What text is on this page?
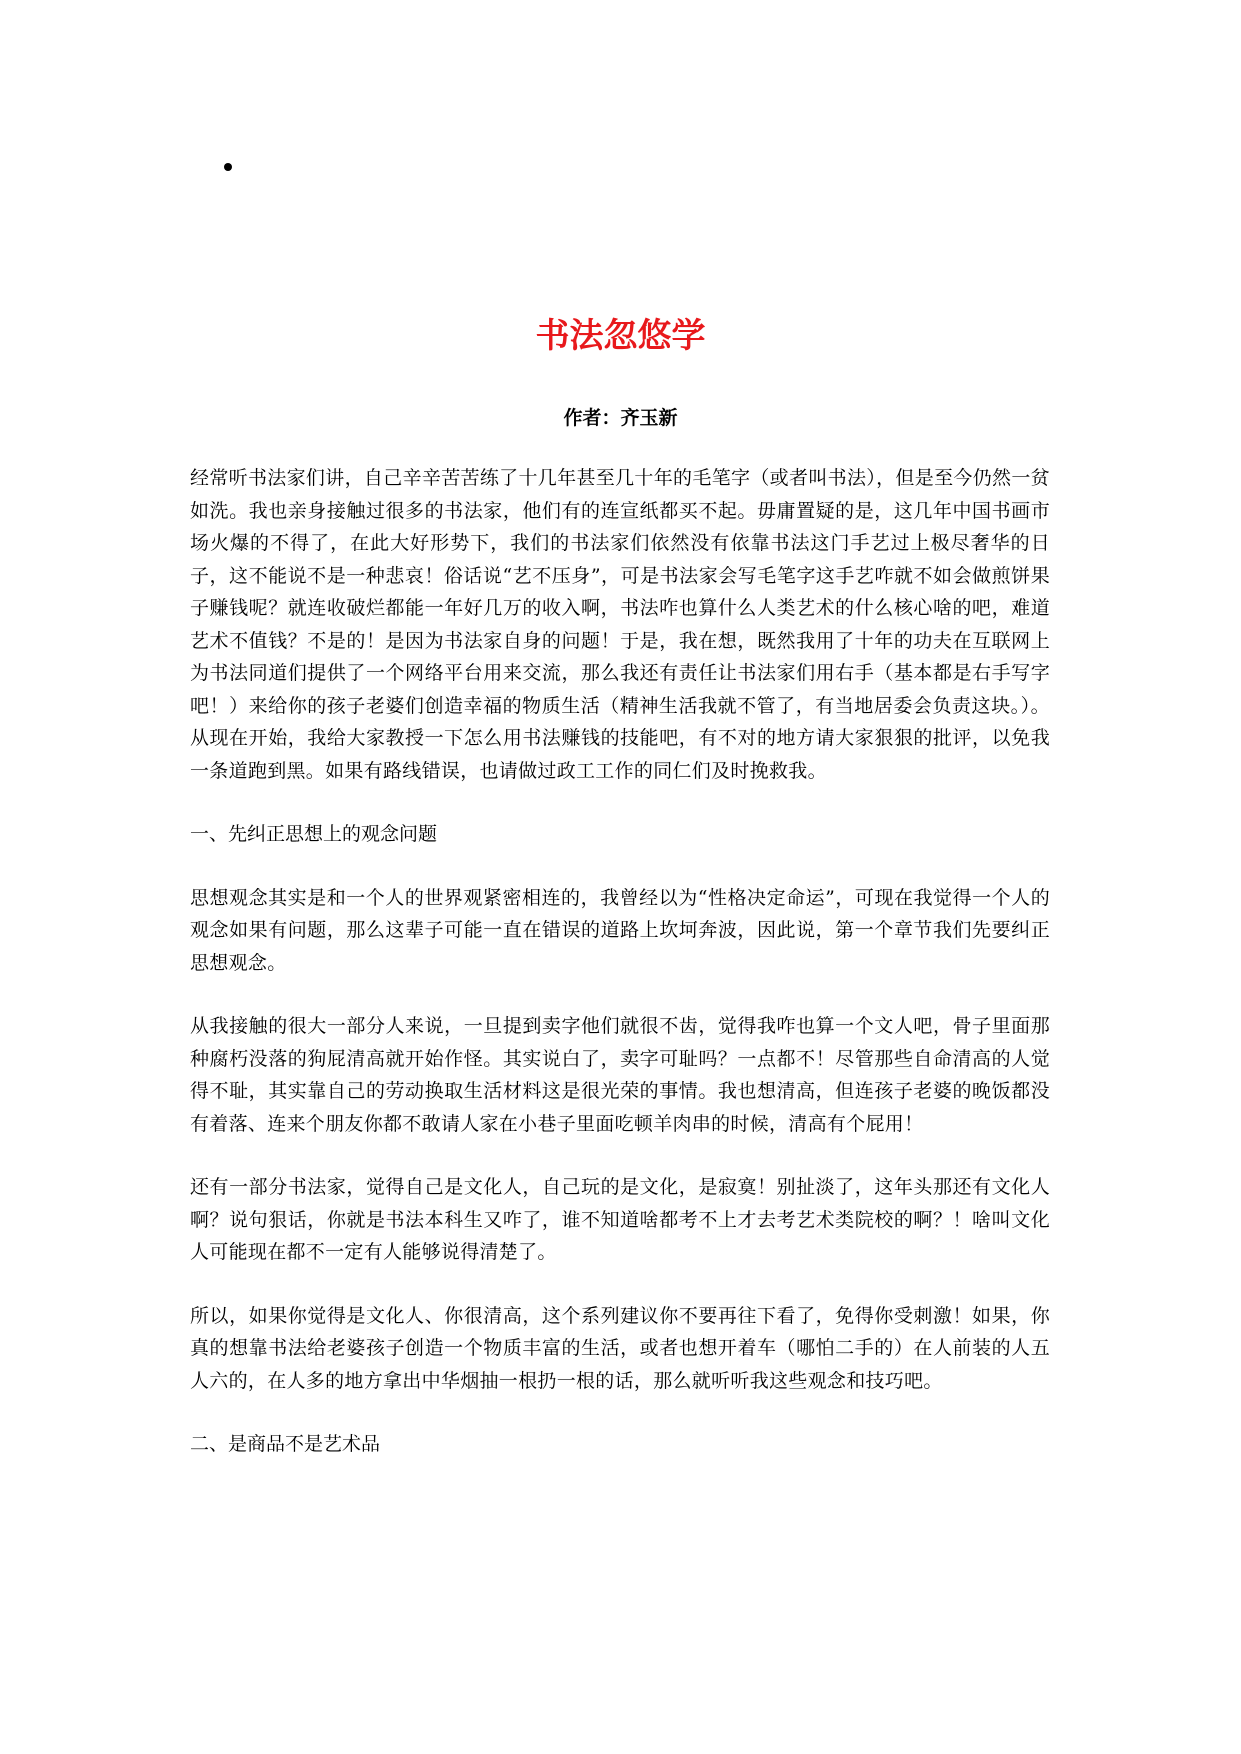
书法忽悠学

作者：齐玉新

经常听书法家们讲，自己辛辛苦苦练了十几年甚至几十年的毛笔字（或者叫书法），但是至今仍然一贫如洗。我也亲身接触过很多的书法家，他们有的连宣纸都买不起。毋庸置疑的是，这几年中国书画市场火爆的不得了，在此大好形势下，我们的书法家们依然没有依靠书法这门手艺过上极尽奢华的日子，这不能说不是一种悲哀！俗话说“艺不压身”，可是书法家会写毛笔字这手艺咋就不如会做煎饼果子赚钱呢？就连收破烂都能一年好几万的收入啊，书法咋也算什么人类艺术的什么核心啥的吧，难道艺术不值钱？不是的！是因为书法家自身的问题！于是，我在想，既然我用了十年的功夫在互联网上为书法同道们提供了一个网络平台用来交流，那么我还有责任让书法家们用右手（基本都是右手写字吧！）来给你的孩子老婆们创造幸福的物质生活（精神生活我就不管了，有当地居委会负责这块。）。从现在开始，我给大家教授一下怎么用书法赚钱的技能吧，有不对的地方请大家狠狠的批评，以免我一条道跑到黑。如果有路线错误，也请做过政工工作的同仁们及时挽救我。

一、先纠正思想上的观念问题

思想观念其实是和一个人的世界观紧密相连的，我曾经以为“性格决定命运”，可现在我觉得一个人的观念如果有问题，那么这辈子可能一直在错误的道路上坎坷奔波，因此说，第一个章节我们先要纠正思想观念。

从我接触的很大一部分人来说，一旦提到卖字他们就很不齿，觉得我咋也算一个文人吧，骨子里面那种腐朽没落的狗屁清高就开始作怪。其实说白了，卖字可耻吗？一点都不！尽管那些自命清高的人觉得不耻，其实靠自己的劳动换取生活材料这是很光荣的事情。我也想清高，但连孩子老婆的晚饭都没有着落、连来个朋友你都不敢请人家在小巷子里面吃顿羊肉串的时候，清高有个屁用！

还有一部分书法家，觉得自己是文化人，自己玩的是文化，是寂寞！别扯淡了，这年头那还有文化人啊？说句狠话，你就是书法本科生又咋了，谁不知道啥都考不上才去考艺术类院校的啊？！啥叫文化人可能现在都不一定有人能够说得清楚了。

所以，如果你觉得是文化人、你很清高，这个系列建议你不要再往下看了，免得你受刺激！如果，你真的想靠书法给老婆孩子创造一个物质丰富的生活，或者也想开着车（哪怕二手的）在人前装的人五人六的，在人多的地方拿出中华烟抽一根扔一根的话，那么就听听我这些观念和技巧吧。

二、是商品不是艺术品
